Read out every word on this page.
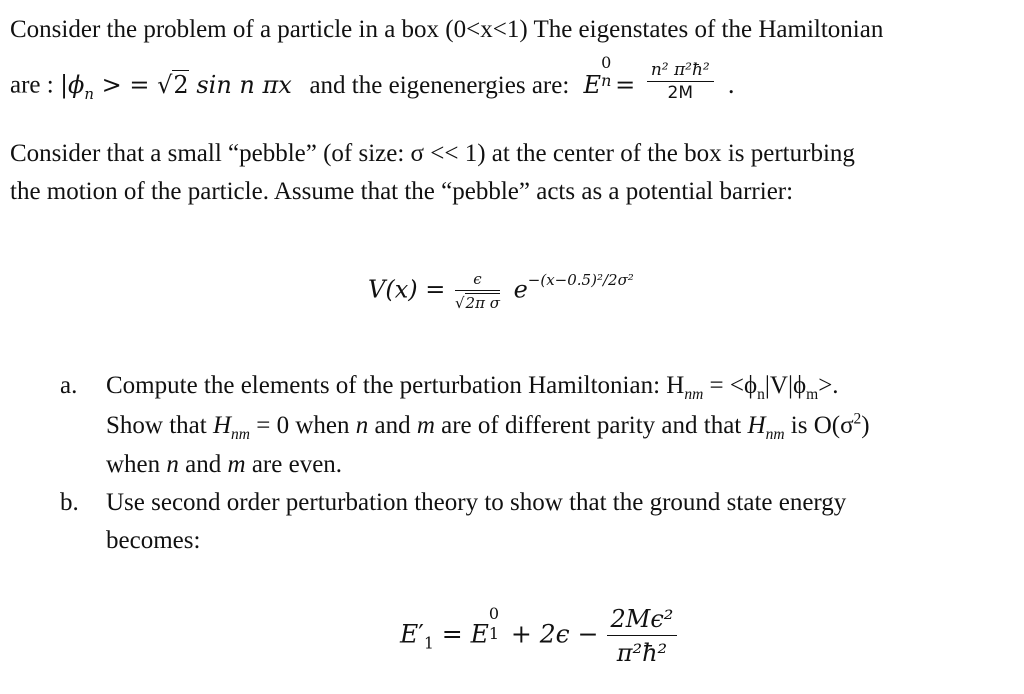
Consider the problem of a particle in a box (0<x<1) The eigenstates of the Hamiltonian
are : $|\phi_n$ > = √2 sin n πx and the eigenenergies are: E
0
$n = \frac{\text{n² π²ħ²}}{2M}$ .
Consider that a small “pebble” (of size: σ << 1) at the center of the box is perturbing
the motion of the particle. Assume that the “pebble” acts as a potential barrier:
$V(x) = \frac{\epsilon}{\text{√2π σ}} e^{-(x-0.5)^2/2\sigma^2}$
a. Compute the elements of the perturbation Hamiltonian: $H_{nm} = <\phi_n|V|\phi_m>$.
Show that $H_{nm} = 0$ when n and m are of different parity and that $H_{nm}$ is $O(\sigma^2)$
when n and m are even.
b. Use second order perturbation theory to show that the ground state energy
becomes:
$E'_1 = E$
0
$1 + 2\epsilon - \frac{\text{2Mϵ²}}{\text{π²ħ²}}$
